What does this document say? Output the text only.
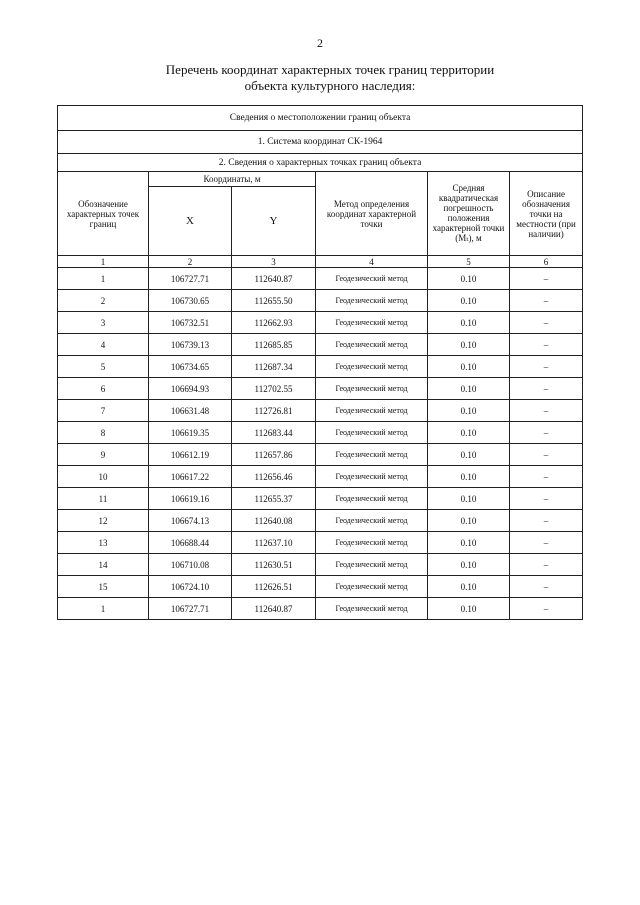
2
Перечень координат характерных точек границ территории
объекта культурного наследия:
Сведения о местоположении границ объекта					
1. Система координат СК-1964					
2. Сведения о характерных точках границ объекта					
Обозначение характерных точек границ	Координаты, м		Метод определения координат характерной точки	Средняя квадратическая погрешность положения характерной точки (Mₜ), м	Описание обозначения точки на местности (при наличии)
	X	Y			
1	2	3	4	5	6
1	106727.71	112640.87	Геодезический метод	0.10	–
2	106730.65	112655.50	Геодезический метод	0.10	–
3	106732.51	112662.93	Геодезический метод	0.10	–
4	106739.13	112685.85	Геодезический метод	0.10	–
5	106734.65	112687.34	Геодезический метод	0.10	–
6	106694.93	112702.55	Геодезический метод	0.10	–
7	106631.48	112726.81	Геодезический метод	0.10	–
8	106619.35	112683.44	Геодезический метод	0.10	–
9	106612.19	112657.86	Геодезический метод	0.10	–
10	106617.22	112656.46	Геодезический метод	0.10	–
11	106619.16	112655.37	Геодезический метод	0.10	–
12	106674.13	112640.08	Геодезический метод	0.10	–
13	106688.44	112637.10	Геодезический метод	0.10	–
14	106710.08	112630.51	Геодезический метод	0.10	–
15	106724.10	112626.51	Геодезический метод	0.10	–
1	106727.71	112640.87	Геодезический метод	0.10	–
